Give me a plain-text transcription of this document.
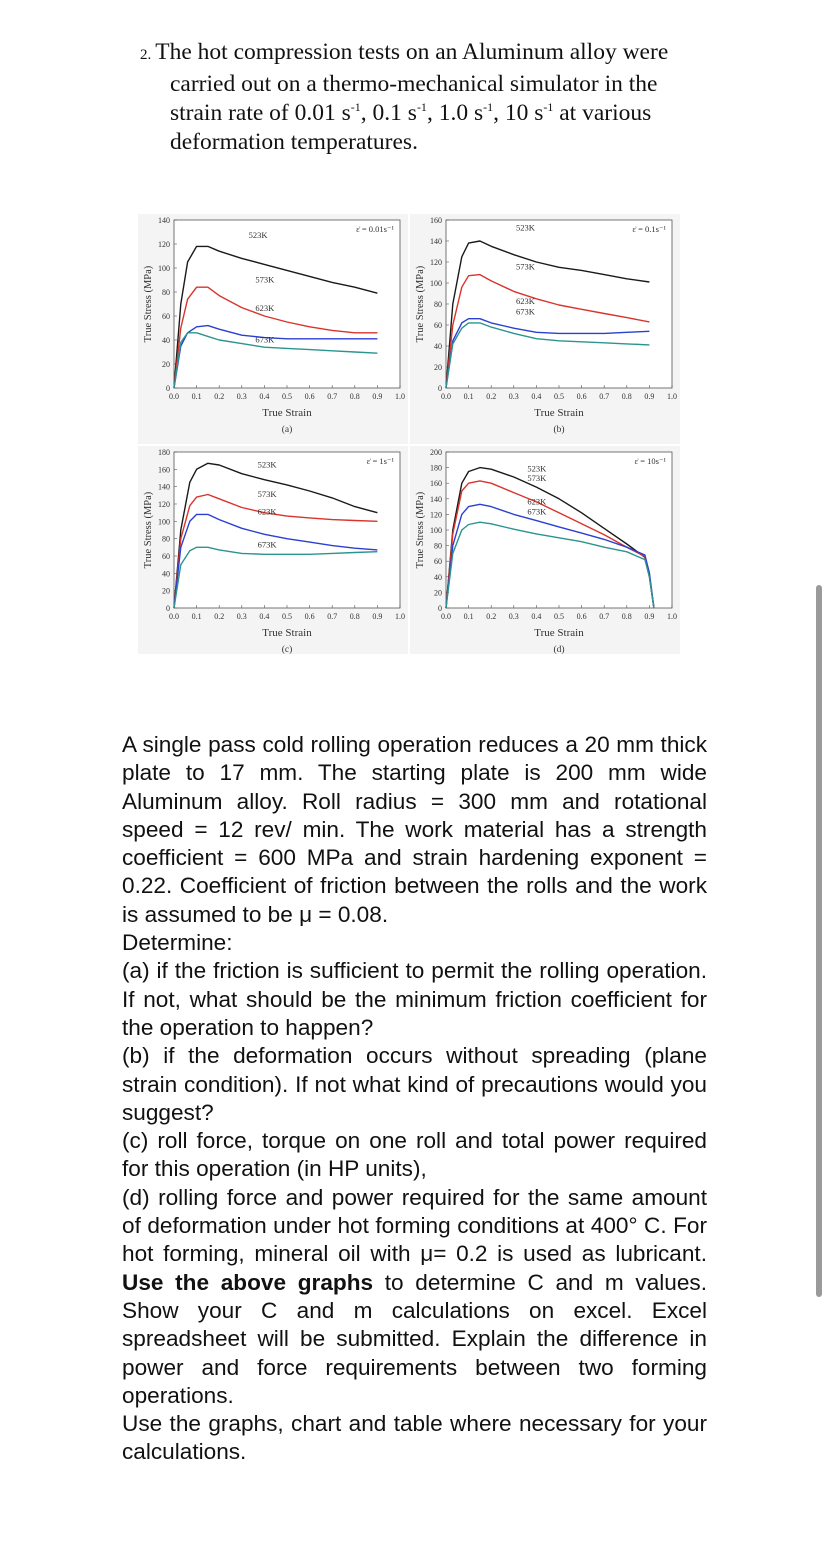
2. The hot compression tests on an Aluminum alloy were
carried out on a thermo-mechanical simulator in the
strain rate of 0.01 $s^{-1}$, 0.1 $s^{-1}$, 1.0 $s^{-1}$, 10 $s^{-1}$ at various
deformation temperatures.
0
20
40
60
80
100
120
140
0.0 0.1 0.2 0.3 0.4 0.5 0.6 0.7 0.8 0.9 1.0
True Strain
(a)
True Stress (MPa)
ε̇ = 0.01s⁻¹
523K
573K
623K
673K
0
20
40
60
80
100
120
140
160
0.0 0.1 0.2 0.3 0.4 0.5 0.6 0.7 0.8 0.9 1.0
True Strain
(b)
True Stress (MPa)
ε̇ = 0.1s⁻¹
523K
573K
623K
673K
0
20
40
60
80
100
120
140
160
180
0.0 0.1 0.2 0.3 0.4 0.5 0.6 0.7 0.8 0.9 1.0
True Strain
(c)
True Stress (MPa)
ε̇ = 1s⁻¹
523K
573K
623K
673K
0
20
40
60
80
100
120
140
160
180
200
0.0 0.1 0.2 0.3 0.4 0.5 0.6 0.7 0.8 0.9 1.0
True Strain
(d)
True Stress (MPa)
ε̇ = 10s⁻¹
523K
573K
623K
673K

A single pass cold rolling operation reduces a 20 mm thick plate to 17 mm. The starting plate is 200 mm wide Aluminum alloy. Roll radius = 300 mm and rotational speed = 12 rev/ min. The work material has a strength coefficient = 600 MPa and strain hardening exponent = 0.22. Coefficient of friction between the rolls and the work is assumed to be μ = 0.08.

Determine:

(a) if the friction is sufficient to permit the rolling operation. If not, what should be the minimum friction coefficient for the operation to happen?

(b) if the deformation occurs without spreading (plane strain condition). If not what kind of precautions would you suggest?

(c) roll force, torque on one roll and total power required for this operation (in HP units),

(d) rolling force and power required for the same amount of deformation under hot forming conditions at 400° C. For hot forming, mineral oil with μ= 0.2 is used as lubricant. Use the above graphs to determine C and m values. Show your C and m calculations on excel. Excel spreadsheet will be submitted. Explain the difference in power and force requirements between two forming operations.

Use the graphs, chart and table where necessary for your calculations.
